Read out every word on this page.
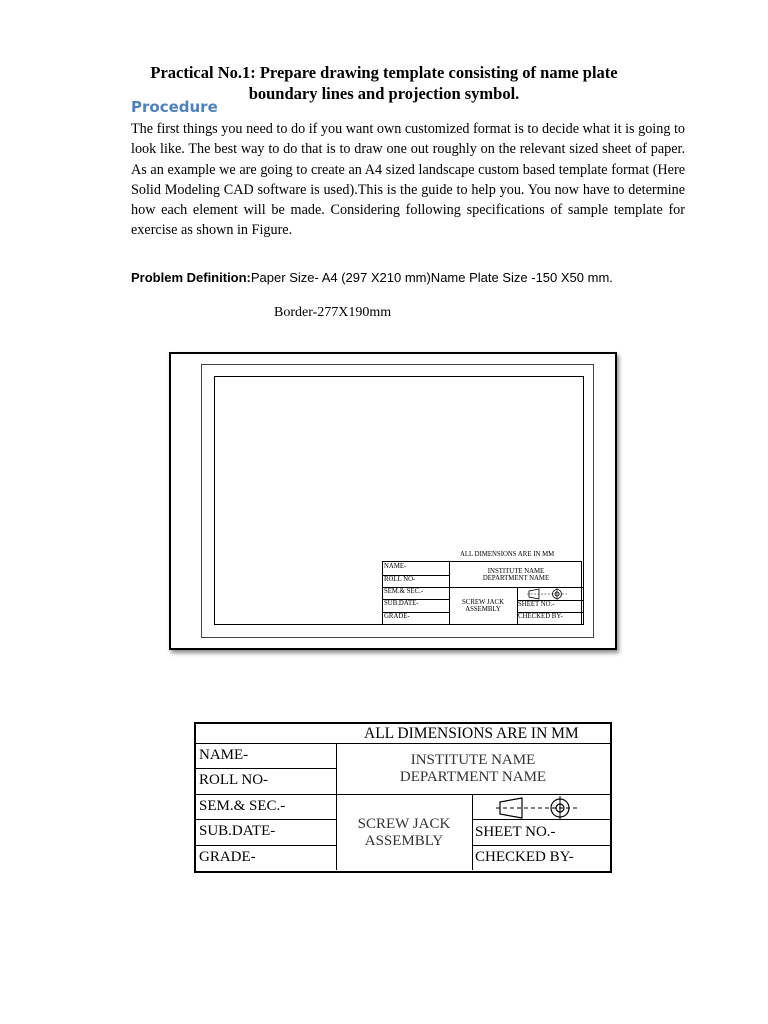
Practical No.1: Prepare drawing template consisting of name plate
boundary lines and projection symbol.
Procedure
The first things you need to do if you want own customized format is to decide what it is going to look like. The best way to do that is to draw one out roughly on the relevant sized sheet of paper. As an example we are going to create an A4 sized landscape custom based template format (Here Solid Modeling CAD software is used).This is the guide to help you. You now have to determine how each element will be made. Considering following specifications of sample template for exercise as shown in Figure.
Problem Definition:Paper Size- A4 (297 X210 mm)Name Plate Size -150 X50 mm.
Border-277X190mm
ALL DIMENSIONS ARE IN MM
NAME-
ROLL NO-
SEM.& SEC.-
SUB.DATE-
GRADE-
INSTITUTE NAME
DEPARTMENT NAME
SCREW JACK
ASSEMBLY
SHEET NO.-
CHECKED BY-
ALL DIMENSIONS ARE IN MM
NAME-
ROLL NO-
SEM.& SEC.-
SUB.DATE-
GRADE-
INSTITUTE NAME
DEPARTMENT NAME
SCREW JACK
ASSEMBLY
SHEET NO.-
CHECKED BY-
